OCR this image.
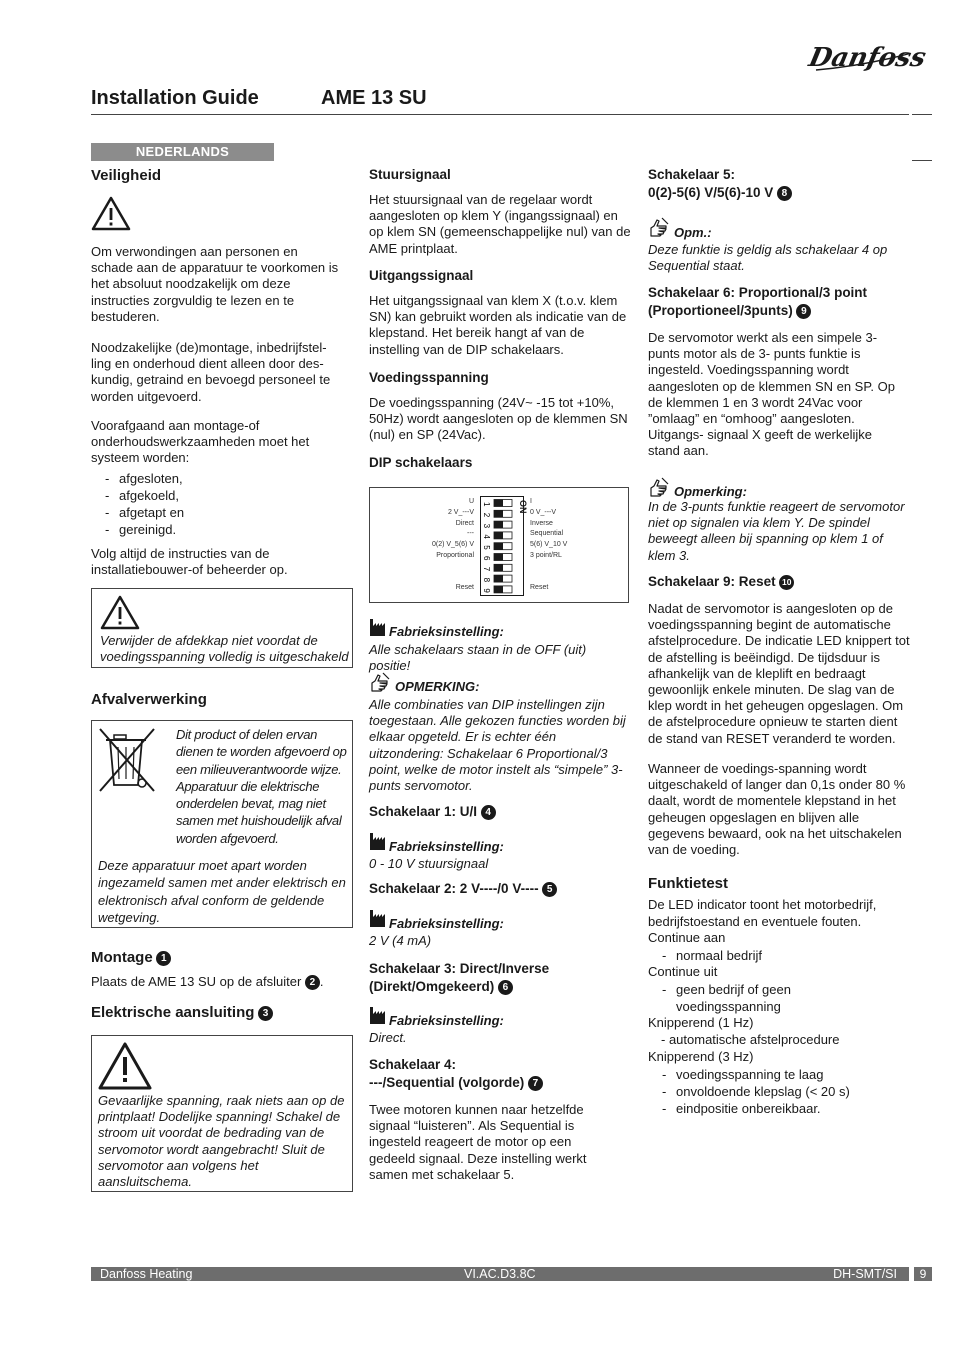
Danfoss
Installation Guide	AME 13 SU
NEDERLANDS
Veiligheid

Om verwondingen aan personen en schade aan de apparatuur te voorkomen is het absoluut noodzakelijk om deze instructies zorgvuldig te lezen en te bestuderen.

Noodzakelijke (de)montage, inbedrijfstel-ling en onderhoud dient alleen door des-kundig, getraind en bevoegd personeel te worden uitgevoerd.

Voorafgaand aan montage-of onderhoudswerkzaamheden moet het systeem worden:

- afgesloten,
- afgekoeld,
- afgetapt en
- gereinigd.

Volg altijd de instructies van de installatiebouwer-of beheerder op.

Verwijder de afdekkap niet voordat de voedingsspanning volledig is uitgeschakeld

Afvalverwerking

Dit product of delen ervan dienen te worden afgevoerd op een milieuverantwoorde wijze. Apparatuur die elektrische onderdelen bevat, mag niet samen met huishoudelijk afval worden afgevoerd.

Deze apparatuur moet apart worden ingezameld samen met ander elektrisch en elektronisch afval conform de geldende wetgeving.

Montage 1

Plaats de AME 13 SU op de afsluiter 2 .

Elektrische aansluiting 3

Gevaarlijke spanning, raak niets aan op de printplaat! Dodelijke spanning! Schakel de stroom uit voordat de bedrading van de servomotor wordt aangebracht! Sluit de servomotor aan volgens het aansluitschema.

Stuursignaal

Het stuursignaal van de regelaar wordt aangesloten op klem Y (ingangssignaal) en op klem SN (gemeenschappelijke nul) van de AME printplaat.

Uitgangssignaal

Het uitgangssignaal van klem X (t.o.v. klem SN) kan gebruikt worden als indicatie van de klepstand. Het bereik hangt af van de instelling van de DIP schakelaars.

Voedingsspanning

De voedingsspanning (24V~ -15 tot +10%, 50Hz) wordt aangesloten op de klemmen SN (nul) en SP (24Vac).

DIP schakelaars
U
2 V_---V
Direct
---
0(2) V_5(6) V
Proportional
Reset
1
2
3
4
5
6
7
8
9
ON I
0 V_---V
Inverse
Sequential
5(6) V_10 V
3 point/RL
Reset
Fabrieksinstelling:

Alle schakelaars staan in de OFF (uit) positie!

OPMERKING:

Alle combinaties van DIP instellingen zijn toegestaan. Alle gekozen functies worden bij elkaar opgeteld. Er is echter één uitzondering: Schakelaar 6 Proportional/3 point, welke de motor instelt als “simpele” 3-punts servomotor.

Schakelaar 1: U/I 4
Fabrieksinstelling:

0 - 10 V stuursignaal

Schakelaar 2: 2 V----/0 V---- 5
Fabrieksinstelling:

2 V (4 mA)

Schakelaar 3: Direct/Inverse
(Direkt/Omgekeerd) 6
Fabrieksinstelling:

Direct.

Schakelaar 4:
---/Sequential (volgorde) 7

Twee motoren kunnen naar hetzelfde signaal “luisteren”. Als Sequential is ingesteld reageert de motor op een gedeeld signaal. Deze instelling werkt samen met schakelaar 5.

Schakelaar 5:
0(2)-5(6) V/5(6)-10 V 8
Opm.:

Deze funktie is geldig als schakelaar 4 op Sequential staat.

Schakelaar 6: Proportional/3 point
(Proportioneel/3punts) 9

De servomotor werkt als een simpele 3-punts motor als de 3- punts funktie is ingesteld. Voedingsspanning wordt aangesloten op de klemmen SN en SP. Op de klemmen 1 en 3 wordt 24Vac voor ”omlaag” en “omhoog” aangesloten. Uitgangs- signaal X geeft de werkelijke stand aan.

Opmerking:

In de 3-punts funktie reageert de servomotor niet op signalen via klem Y. De spindel beweegt alleen bij spanning op klem 1 of klem 3.

Schakelaar 9: Reset 10

Nadat de servomotor is aangesloten op de voedingsspanning begint de automatische afstelprocedure. De indicatie LED knippert tot de afstelling is beëindigd. De tijdsduur is afhankelijk van de kleplift en bedraagt gewoonlijk enkele minuten. De slag van de klep wordt in het geheugen opgeslagen. Om de afstelprocedure opnieuw te starten dient de stand van RESET veranderd te worden.

Wanneer de voedings-spanning wordt uitgeschakeld of langer dan 0,1s onder 80 % daalt, wordt de momentele klepstand in het geheugen opgeslagen en blijven alle gegevens bewaard, ook na het uitschakelen van de voeding.

Funktietest

De LED indicator toont het motorbedrijf, bedrijfstoestand en eventuele fouten.

Continue aan

- normaal bedrijf

Continue uit

- geen bedrijf of geen voedingsspanning

Knipperend (1 Hz)

- automatische afstelprocedure

Knipperend (3 Hz)

- voedingsspanning te laag
- onvoldoende klepslag (< 20 s)
- eindpositie onbereikbaar.
Danfoss Heating	VI.AC.D3.8C	DH-SMT/SI	9
